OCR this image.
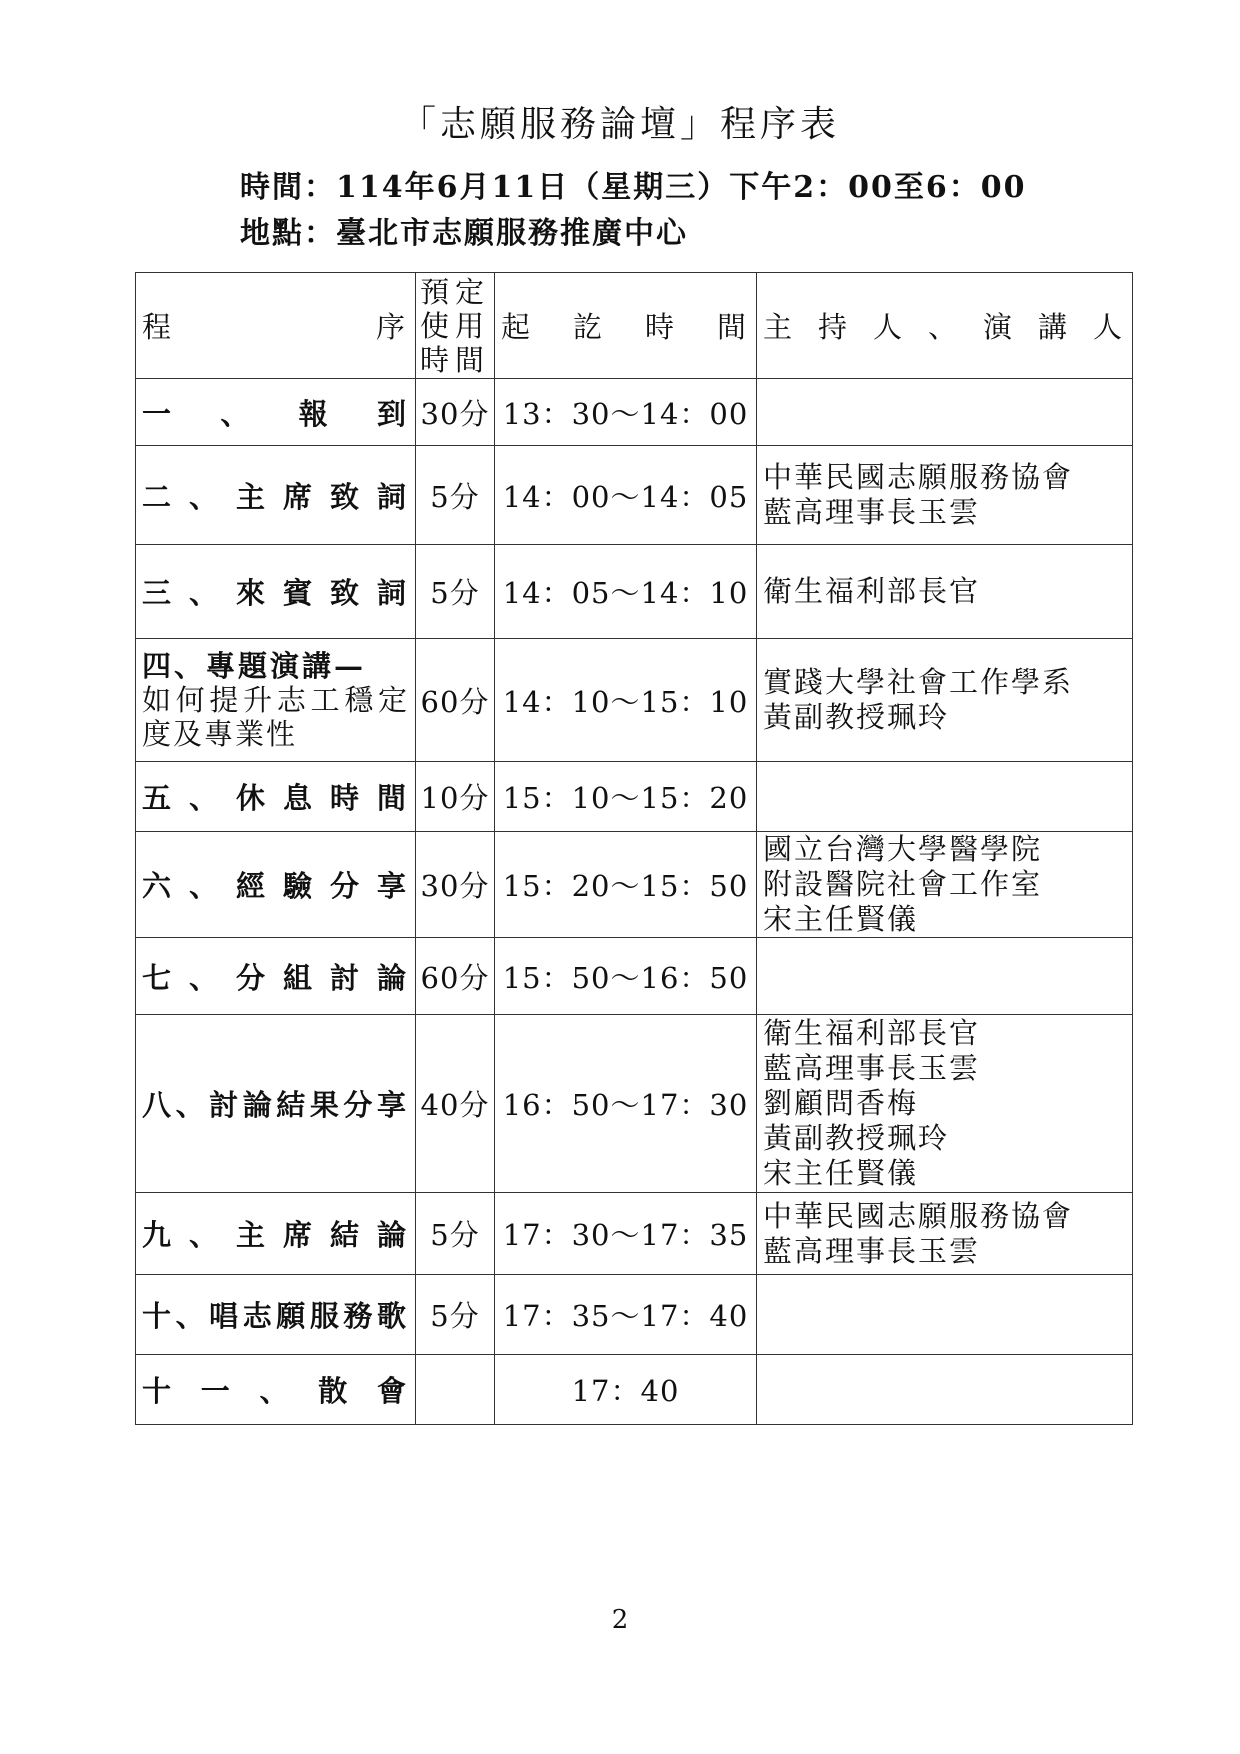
「志願服務論壇」程序表
時間：114年6月11日（星期三）下午2：00至6：00
地點：臺北市志願服務推廣中心
程序	預定使用時間	起訖時間	主持人、演講人
一、報到	30分	13：30～14：00	
二、主席致詞	5分	14：00～14：05	中華民國志願服務協會
藍高理事長玉雲

三、來賓致詞	5分	14：05～14：10	衛生福利部長官

四、專題演講—
如何提升志工穩定度及專業性	60分	14：10～15：10	實踐大學社會工作學系
黃副教授珮玲

五、休息時間	10分	15：10～15：20	
六、經驗分享	30分	15：20～15：50	國立台灣大學醫學院
附設醫院社會工作室
宋主任賢儀

七、分組討論	60分	15：50～16：50	
八、討論結果分享	40分	16：50～17：30	衛生福利部長官
藍高理事長玉雲
劉顧問香梅
黃副教授珮玲
宋主任賢儀

九、主席結論	5分	17：30～17：35	中華民國志願服務協會
藍高理事長玉雲

十、唱志願服務歌	5分	17：35～17：40	
十一、散會		17：40	
2
